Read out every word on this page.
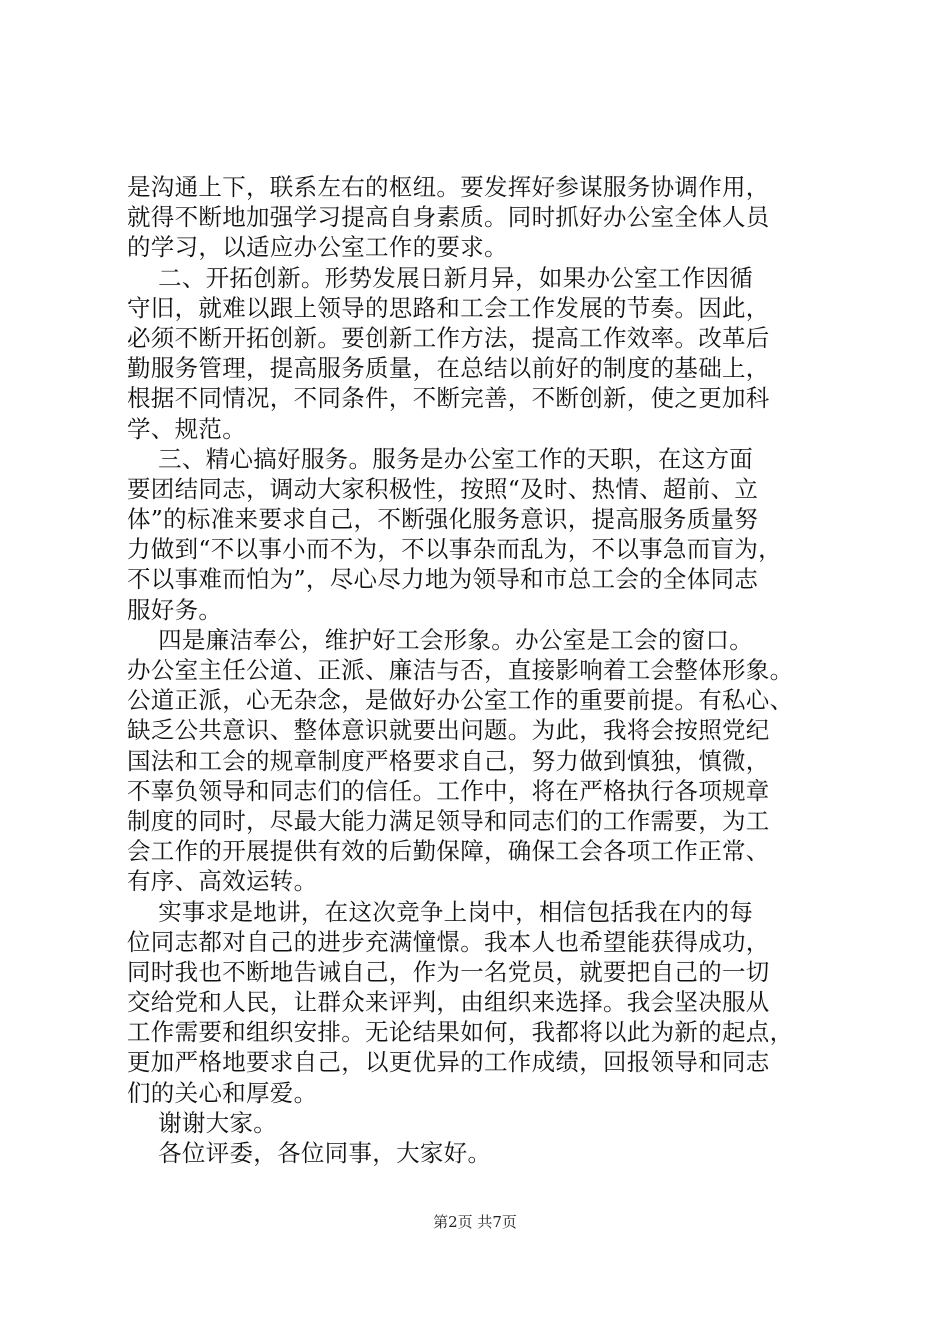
是沟通上下，联系左右的枢纽。要发挥好参谋服务协调作用，
就得不断地加强学习提高自身素质。同时抓好办公室全体人员
的学习，以适应办公室工作的要求。
二、开拓创新。形势发展日新月异，如果办公室工作因循
守旧，就难以跟上领导的思路和工会工作发展的节奏。因此，
必须不断开拓创新。要创新工作方法，提高工作效率。改革后
勤服务管理，提高服务质量，在总结以前好的制度的基础上，
根据不同情况，不同条件，不断完善，不断创新，使之更加科
学、规范。
三、精心搞好服务。服务是办公室工作的天职，在这方面
要团结同志，调动大家积极性，按照“及时、热情、超前、立
体”的标准来要求自己，不断强化服务意识，提高服务质量努
力做到“不以事小而不为，不以事杂而乱为，不以事急而盲为，
不以事难而怕为”，尽心尽力地为领导和市总工会的全体同志
服好务。
四是廉洁奉公，维护好工会形象。办公室是工会的窗口。
办公室主任公道、正派、廉洁与否，直接影响着工会整体形象。
公道正派，心无杂念，是做好办公室工作的重要前提。有私心、
缺乏公共意识、整体意识就要出问题。为此，我将会按照党纪
国法和工会的规章制度严格要求自己，努力做到慎独，慎微，
不辜负领导和同志们的信任。工作中，将在严格执行各项规章
制度的同时，尽最大能力满足领导和同志们的工作需要，为工
会工作的开展提供有效的后勤保障，确保工会各项工作正常、
有序、高效运转。
实事求是地讲，在这次竞争上岗中，相信包括我在内的每
位同志都对自己的进步充满憧憬。我本人也希望能获得成功，
同时我也不断地告诫自己，作为一名党员，就要把自己的一切
交给党和人民，让群众来评判，由组织来选择。我会坚决服从
工作需要和组织安排。无论结果如何，我都将以此为新的起点，
更加严格地要求自己，以更优异的工作成绩，回报领导和同志
们的关心和厚爱。
谢谢大家。
各位评委，各位同事，大家好。
第2页 共7页
